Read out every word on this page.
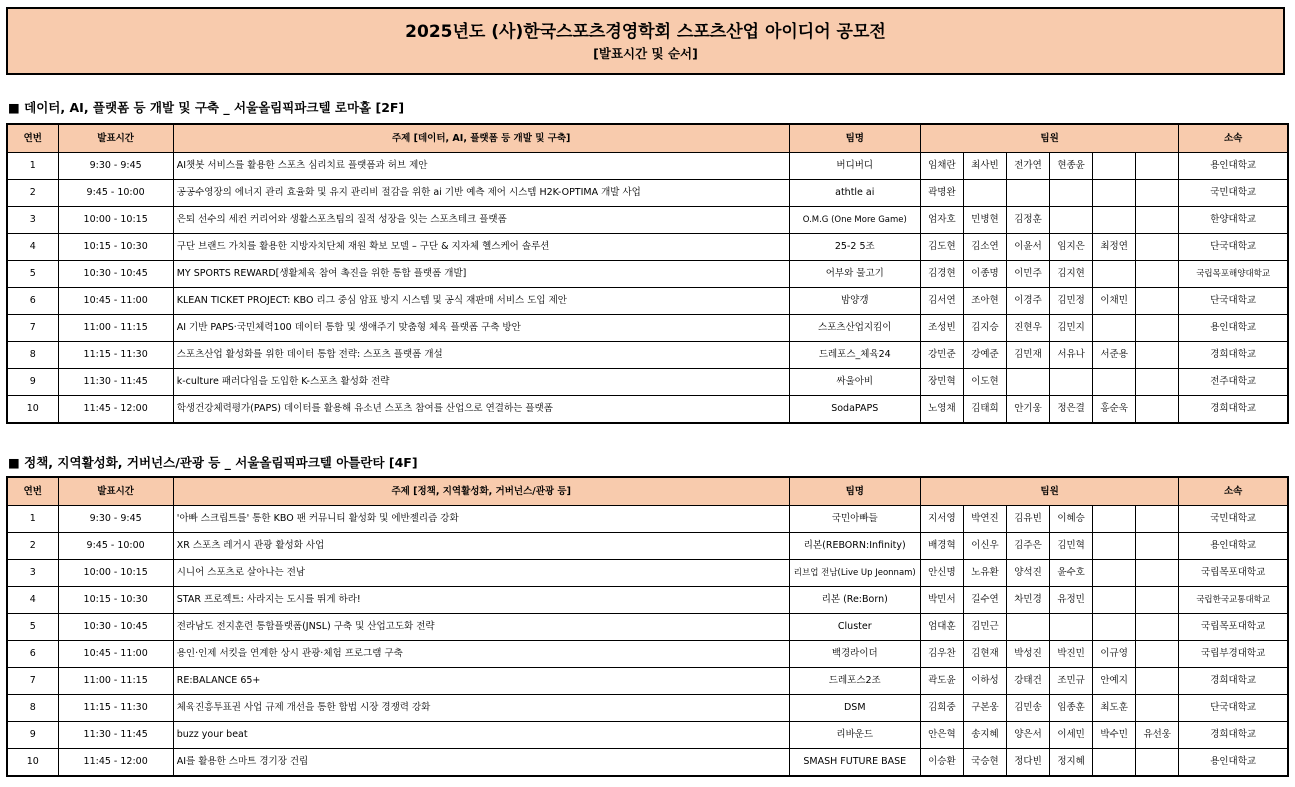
2025년도 (사)한국스포츠경영학회 스포츠산업 아이디어 공모전
[발표시간 및 순서]
■ 데이터, AI, 플랫폼 등 개발 및 구축 _ 서울올림픽파크텔 로마홀 [2F]
연번	발표시간	주제 [데이터, AI, 플랫폼 등 개발 및 구축]	팀명	팀원						소속
1	9:30 - 9:45	AI챗봇 서비스를 활용한 스포츠 심리치료 플랫폼과 허브 제안	버디버디	임채란	최사빈	전가연	현종윤			용인대학교
2	9:45 - 10:00	공공수영장의 에너지 관리 효율화 및 유지 관리비 절감을 위한 ai 기반 예측 제어 시스템 H2K-OPTIMA 개발 사업	athtle ai	곽명완						국민대학교
3	10:00 - 10:15	은퇴 선수의 세컨 커리어와 생활스포츠팀의 질적 성장을 잇는 스포츠테크 플랫폼	O.M.G (One More Game)	엄자호	민병현	김정훈				한양대학교
4	10:15 - 10:30	구단 브랜드 가치를 활용한 지방자치단체 재원 확보 모델 – 구단 & 지자체 헬스케어 솔루션	25-2 5조	김도현	김소연	이윤서	임지은	최정연		단국대학교
5	10:30 - 10:45	MY SPORTS REWARD[생활체육 참여 촉진을 위한 통합 플랫폼 개발]	어부와 물고기	김경현	이종명	이민주	김지현			국립목포해양대학교
6	10:45 - 11:00	KLEAN TICKET PROJECT: KBO 리그 중심 암표 방지 시스템 및 공식 재판매 서비스 도입 제안	밤양갱	김서연	조아현	이경주	김민정	이채민		단국대학교
7	11:00 - 11:15	AI 기반 PAPS·국민체력100 데이터 통합 및 생애주기 맞춤형 체육 플랫폼 구축 방안	스포츠산업지킴이	조성빈	김지승	진현우	김민지			용인대학교
8	11:15 - 11:30	스포츠산업 활성화를 위한 데이터 통합 전략: 스포츠 플랫폼 개설	드레포스_체육24	강민준	강예준	김민재	서유나	서준용		경희대학교
9	11:30 - 11:45	k-culture 패러다임을 도입한 K-스포츠 활성화 전략	싸울아비	장민혁	이도현					전주대학교
10	11:45 - 12:00	학생건강체력평가(PAPS) 데이터를 활용해 유소년 스포츠 참여를 산업으로 연결하는 플랫폼	SodaPAPS	노영채	김태희	안기웅	정은결	홍순욱		경희대학교
■ 정책, 지역활성화, 거버넌스/관광 등 _ 서울올림픽파크텔 아틀란타 [4F]
연번	발표시간	주제 [정책, 지역활성화, 거버넌스/관광 등]	팀명	팀원						소속
1	9:30 - 9:45	'아빠 스크립트를' 통한 KBO 팬 커뮤니티 활성화 및 에반젤리즘 강화	국민아빠들	지서영	박연진	김유빈	이혜승			국민대학교
2	9:45 - 10:00	XR 스포츠 레거시 관광 활성화 사업	리본(REBORN:Infinity)	배경혁	이신우	김주은	김민혁			용인대학교
3	10:00 - 10:15	시니어 스포츠로 살아나는 전남	리브업 전남(Live Up Jeonnam)	안신명	노유환	양석진	윤수호			국립목포대학교
4	10:15 - 10:30	STAR 프로젝트: 사라지는 도시를 뛰게 하라!	리본 (Re:Born)	박민서	길수연	차민경	유정민			국립한국교통대학교
5	10:30 - 10:45	전라남도 전지훈련 통합플랫폼(JNSL) 구축 및 산업고도화 전략	Cluster	엄대훈	김민근					국립목포대학교
6	10:45 - 11:00	용인·인제 서킷을 연계한 상시 관광·체험 프로그램 구축	백경라이더	김우찬	김현재	박성진	박진민	이규영		국립부경대학교
7	11:00 - 11:15	RE:BALANCE 65+	드레포스2조	곽도윤	이하성	강태건	조민규	안예지		경희대학교
8	11:15 - 11:30	체육진흥투표권 사업 규제 개선을 통한 합법 시장 경쟁력 강화	DSM	김희중	구본웅	김민송	임종훈	최도훈		단국대학교
9	11:30 - 11:45	buzz your beat	리바운드	안은혁	송지혜	양은서	이세민	박수민	유선웅	경희대학교
10	11:45 - 12:00	AI를 활용한 스마트 경기장 건립	SMASH FUTURE BASE	이승환	국승현	정다빈	정지혜			용인대학교
